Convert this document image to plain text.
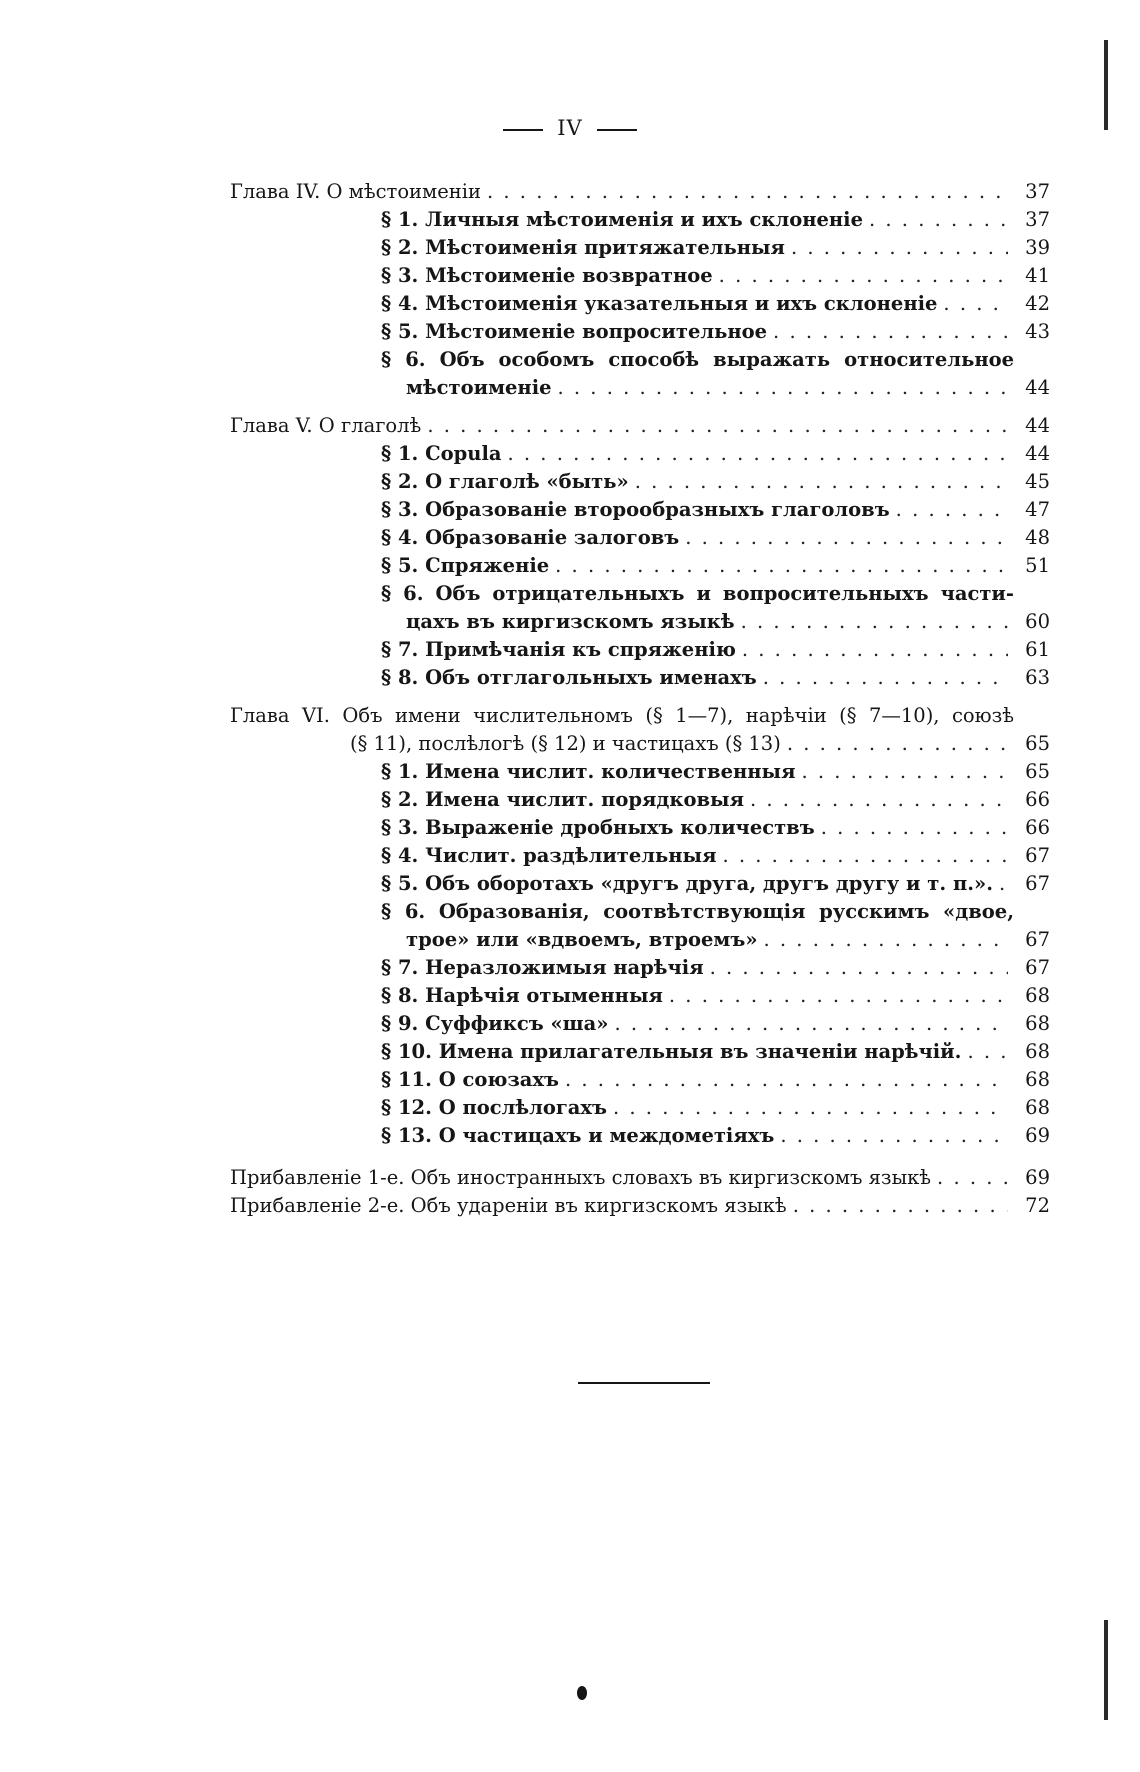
IV
Глава IV. О мѣстоименіи . . .	37
§ 1. Личныя мѣстоименія и ихъ склоненіе . . .	37
§ 2. Мѣстоименія притяжательныя . . .	39
§ 3. Мѣстоименіе возвратное . . .	41
§ 4. Мѣстоименія указательныя и ихъ склоненіе . . .	42
§ 5. Мѣстоименіе вопросительное . . .	43
§ 6. Объ особомъ способѣ выражать относительное
мѣстоименіе . . .	44
Глава V. О глаголѣ . . .	44
§ 1. Copula . . .	44
§ 2. О глаголѣ «быть» . . .	45
§ 3. Образованіе второобразныхъ глаголовъ . . .	47
§ 4. Образованіе залоговъ . . .	48
§ 5. Спряженіе . . .	51
§ 6. Объ отрицательныхъ и вопросительныхъ части-
цахъ въ киргизскомъ языкѣ . . .	60
§ 7. Примѣчанія къ спряженію . . .	61
§ 8. Объ отглагольныхъ именахъ . . .	63
Глава VI. Объ имени числительномъ (§ 1—7), нарѣчіи (§ 7—10), союзѣ
(§ 11), послѣлогѣ (§ 12) и частицахъ (§ 13) . . .	65
§ 1. Имена числит. количественныя . . .	65
§ 2. Имена числит. порядковыя . . .	66
§ 3. Выраженіе дробныхъ количествъ . . .	66
§ 4. Числит. раздѣлительныя . . .	67
§ 5. Объ оборотахъ «другъ друга, другъ другу и т. п.». . . .	67
§ 6. Образованія, соотвѣтствующія русскимъ «двое,
трое» или «вдвоемъ, втроемъ» . . .	67
§ 7. Неразложимыя нарѣчія . . .	67
§ 8. Нарѣчія отыменныя . . .	68
§ 9. Суффиксъ «ша» . . .	68
§ 10. Имена прилагательныя въ значеніи нарѣчій. . . .	68
§ 11. О союзахъ . . .	68
§ 12. О послѣлогахъ . . .	68
§ 13. О частицахъ и междометіяхъ . . .	69
Прибавленіе 1-е. Объ иностранныхъ словахъ въ киргизскомъ языкѣ . . .	69
Прибавленіе 2-е. Объ удареніи въ киргизскомъ языкѣ . . .	72
